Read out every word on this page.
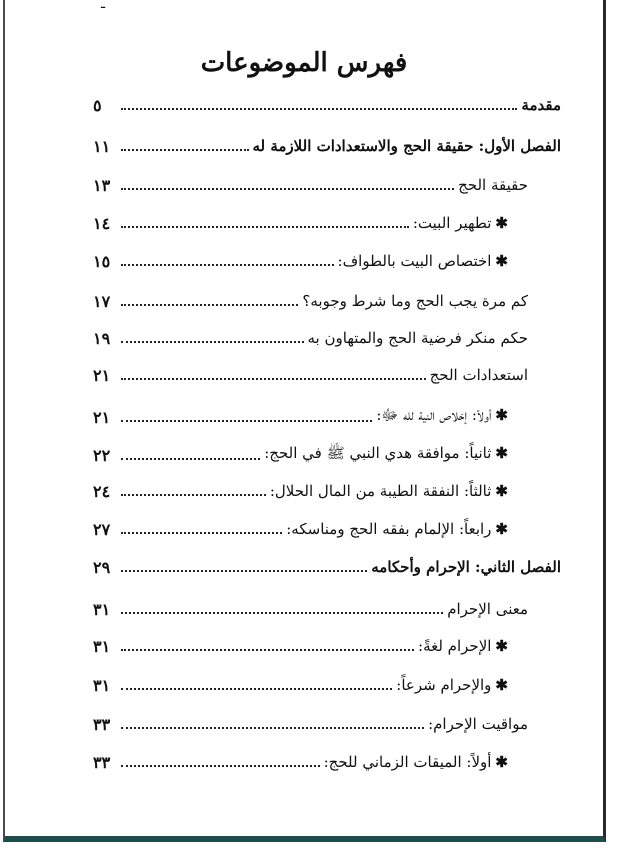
ـ
فهرس الموضوعات
مقدمة
٥
الفصل الأول: حقيقة الحج والاستعدادات اللازمة له
١١
حقيقة الحج
١٣
✱تطهير البيت:
١٤
✱اختصاص البيت بالطواف:
١٥
كم مرة يجب الحج وما شرط وجوبه؟
١٧
حكم منكر فرضية الحج والمتهاون به
١٩
استعدادات الحج
٢١
✱أولاً: إخلاص النية لله ﷻ:
٢١
✱ثانياً: موافقة هدي النبي ﷺ في الحج:
٢٢
✱ثالثاً: النفقة الطيبة من المال الحلال:
٢٤
✱رابعاً: الإلمام بفقه الحج ومناسكه:
٢٧
الفصل الثاني: الإحرام وأحكامه
٢٩
معنى الإحرام
٣١
✱الإحرام لغةً:
٣١
✱والإحرام شرعاً:
٣١
مواقيت الإحرام:
٣٣
✱أولاً: الميقات الزماني للحج:
٣٣
